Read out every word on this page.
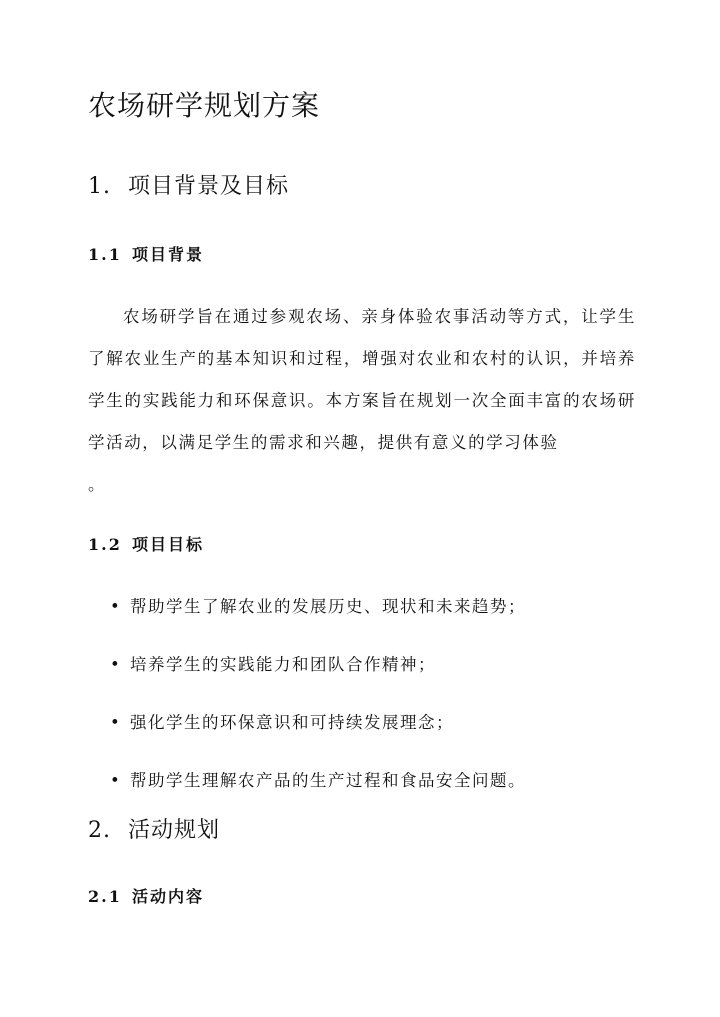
农场研学规划方案
1. 项目背景及目标
1.1 项目背景

农场研学旨在通过参观农场、亲身体验农事活动等方式，让学生了解农业生产的基本知识和过程，增强对农业和农村的认识，并培养学生的实践能力和环保意识。本方案旨在规划一次全面丰富的农场研学活动，以满足学生的需求和兴趣，提供有意义的学习体验
。

1.2 项目目标
• 帮助学生了解农业的发展历史、现状和未来趋势；
• 培养学生的实践能力和团队合作精神；
• 强化学生的环保意识和可持续发展理念；
• 帮助学生理解农产品的生产过程和食品安全问题。
2. 活动规划
2.1 活动内容
